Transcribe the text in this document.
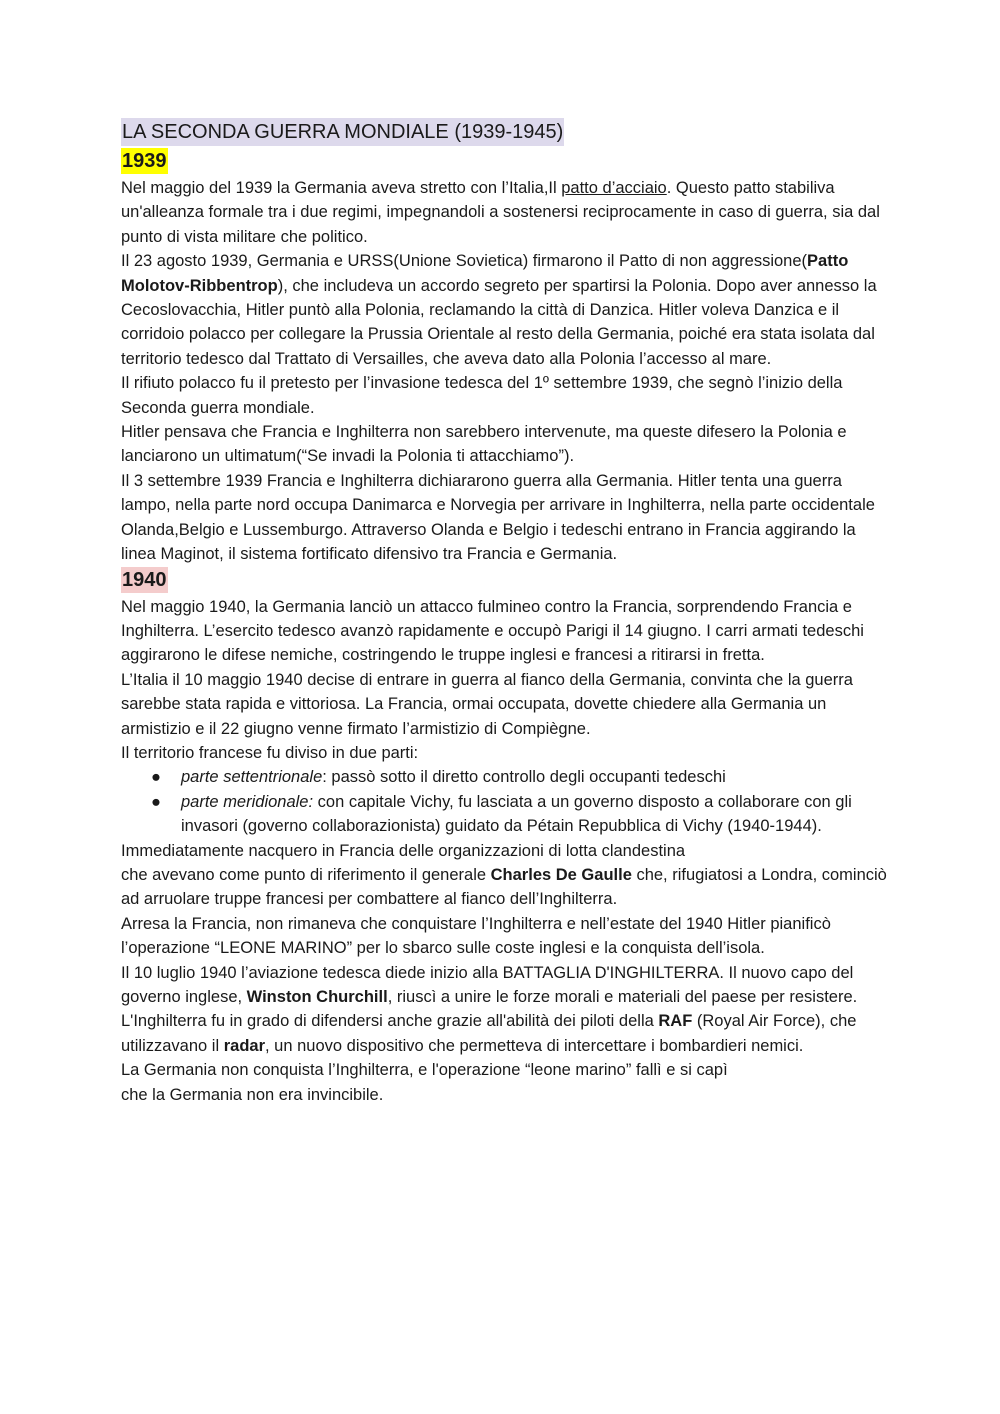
LA SECONDA GUERRA MONDIALE (1939-1945)
1939

Nel maggio del 1939 la Germania aveva stretto con l’Italia,Il patto d’acciaio. Questo patto stabiliva un'alleanza formale tra i due regimi, impegnandoli a sostenersi reciprocamente in caso di guerra, sia dal punto di vista militare che politico.

Il 23 agosto 1939, Germania e URSS(Unione Sovietica) firmarono il Patto di non aggressione(Patto Molotov-Ribbentrop), che includeva un accordo segreto per spartirsi la Polonia. Dopo aver annesso la Cecoslovacchia, Hitler puntò alla Polonia, reclamando la città di Danzica. Hitler voleva Danzica e il corridoio polacco per collegare la Prussia Orientale al resto della Germania, poiché era stata isolata dal territorio tedesco dal Trattato di Versailles, che aveva dato alla Polonia l’accesso al mare.

Il rifiuto polacco fu il pretesto per l’invasione tedesca del 1º settembre 1939, che segnò l’inizio della Seconda guerra mondiale.

Hitler pensava che Francia e Inghilterra non sarebbero intervenute, ma queste difesero la Polonia e lanciarono un ultimatum(“Se invadi la Polonia ti attacchiamo”).

Il 3 settembre 1939 Francia e Inghilterra dichiararono guerra alla Germania. Hitler tenta una guerra lampo, nella parte nord occupa Danimarca e Norvegia per arrivare in Inghilterra, nella parte occidentale Olanda,Belgio e Lussemburgo. Attraverso Olanda e Belgio i tedeschi entrano in Francia aggirando la linea Maginot, il sistema fortificato difensivo tra Francia e Germania.

1940

Nel maggio 1940, la Germania lanciò un attacco fulmineo contro la Francia, sorprendendo Francia e Inghilterra. L’esercito tedesco avanzò rapidamente e occupò Parigi il 14 giugno. I carri armati tedeschi aggirarono le difese nemiche, costringendo le truppe inglesi e francesi a ritirarsi in fretta.

L’Italia il 10 maggio 1940 decise di entrare in guerra al fianco della Germania, convinta che la guerra sarebbe stata rapida e vittoriosa. La Francia, ormai occupata, dovette chiedere alla Germania un armistizio e il 22 giugno venne firmato l’armistizio di Compiègne.

Il territorio francese fu diviso in due parti:

● parte settentrionale: passò sotto il diretto controllo degli occupanti tedeschi
● parte meridionale: con capitale Vichy, fu lasciata a un governo disposto a collaborare con gli invasori (governo collaborazionista) guidato da Pétain Repubblica di Vichy (1940-1944).

Immediatamente nacquero in Francia delle organizzazioni di lotta clandestina
che avevano come punto di riferimento il generale Charles De Gaulle che, rifugiatosi a Londra, cominciò ad arruolare truppe francesi per combattere al fianco dell’Inghilterra.

Arresa la Francia, non rimaneva che conquistare l’Inghilterra e nell’estate del 1940 Hitler pianificò l’operazione “LEONE MARINO” per lo sbarco sulle coste inglesi e la conquista dell’isola.

Il 10 luglio 1940 l’aviazione tedesca diede inizio alla BATTAGLIA D'INGHILTERRA. Il nuovo capo del governo inglese, Winston Churchill, riuscì a unire le forze morali e materiali del paese per resistere. L'Inghilterra fu in grado di difendersi anche grazie all'abilità dei piloti della RAF (Royal Air Force), che utilizzavano il radar, un nuovo dispositivo che permetteva di intercettare i bombardieri nemici.

La Germania non conquista l’Inghilterra, e l'operazione “leone marino” fallì e si capì
che la Germania non era invincibile.
